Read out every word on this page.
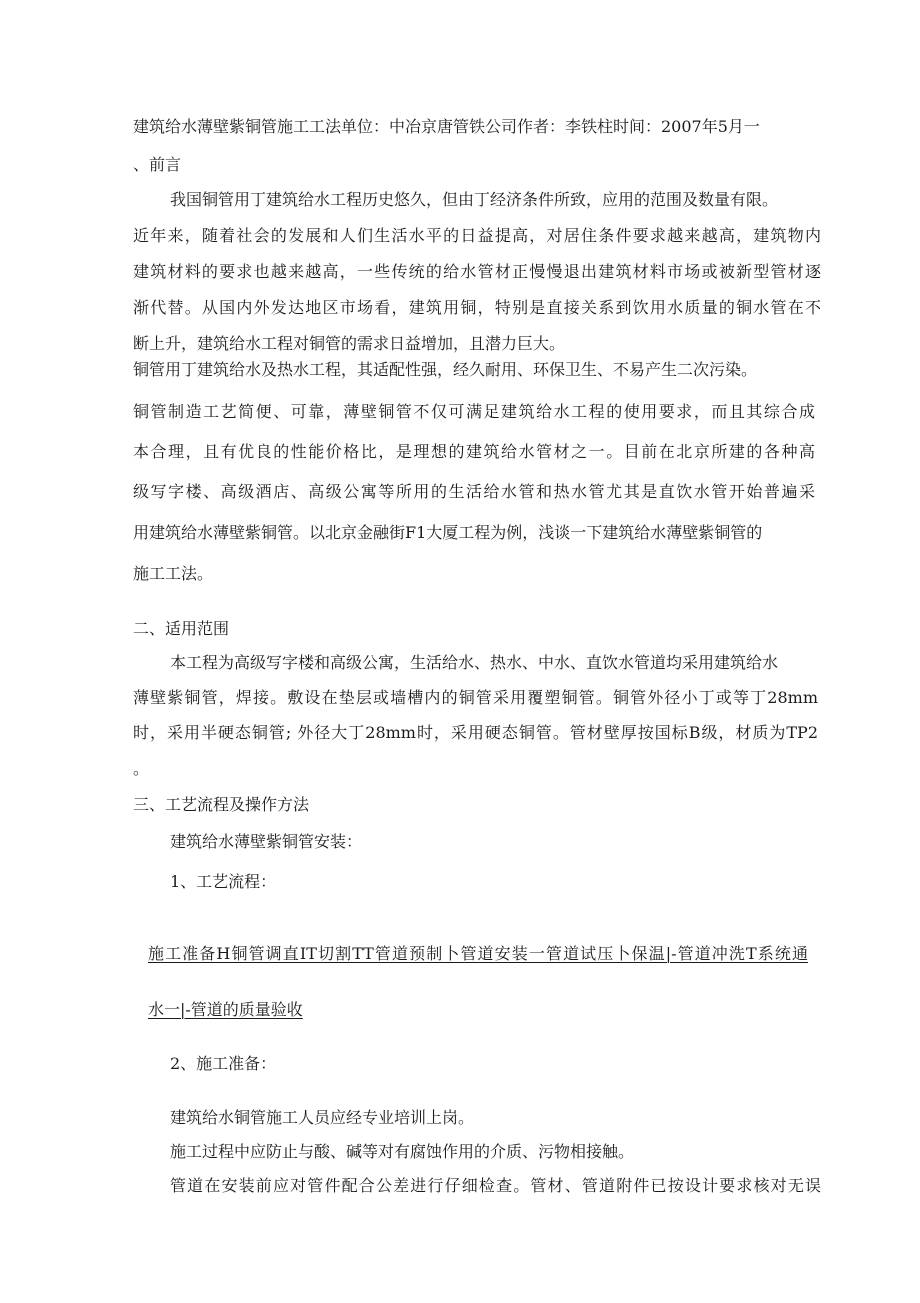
建筑给水薄壁紫铜管施工工法单位：中冶京唐管铁公司作者：李铁柱时间：2007年5月一
、前言
我国铜管用丁建筑给水工程历史悠久，但由丁经济条件所致，应用的范围及数量有限。
近年来，随着社会的发展和人们生活水平的日益提高，对居住条件要求越来越高，建筑物内
建筑材料的要求也越来越高，一些传统的给水管材正慢慢退出建筑材料市场或被新型管材逐
渐代替。从国内外发达地区市场看，建筑用铜，特别是直接关系到饮用水质量的铜水管在不
断上升，建筑给水工程对铜管的需求日益增加，且潜力巨大。
铜管用丁建筑给水及热水工程，其适配性强，经久耐用、环保卫生、不易产生二次污染。
铜管制造工艺简便、可靠，薄壁铜管不仅可满足建筑给水工程的使用要求，而且其综合成
本合理，且有优良的性能价格比，是理想的建筑给水管材之一。目前在北京所建的各种高
级写字楼、高级酒店、高级公寓等所用的生活给水管和热水管尤其是直饮水管开始普遍采
用建筑给水薄壁紫铜管。以北京金融街F1大厦工程为例，浅谈一下建筑给水薄壁紫铜管的
施工工法。
二、适用范围
本工程为高级写字楼和高级公寓，生活给水、热水、中水、直饮水管道均采用建筑给水
薄壁紫铜管，焊接。敷设在垫层或墙槽内的铜管采用覆塑铜管。铜管外径小丁或等丁28mm
时，采用半硬态铜管; 外径大丁28mm时，采用硬态铜管。管材壁厚按国标B级，材质为TP2
。
三、工艺流程及操作方法
建筑给水薄壁紫铜管安装：
1、工艺流程：
施工准备H铜管调直IT切割TT管道预制卜管道安装一管道试压卜保温|-管道冲洗T系统通
水一|-管道的质量验收
2、施工准备：
建筑给水铜管施工人员应经专业培训上岗。
施工过程中应防止与酸、碱等对有腐蚀作用的介质、污物相接触。
管道在安装前应对管件配合公差进行仔细检查。管材、管道附件已按设计要求核对无误
